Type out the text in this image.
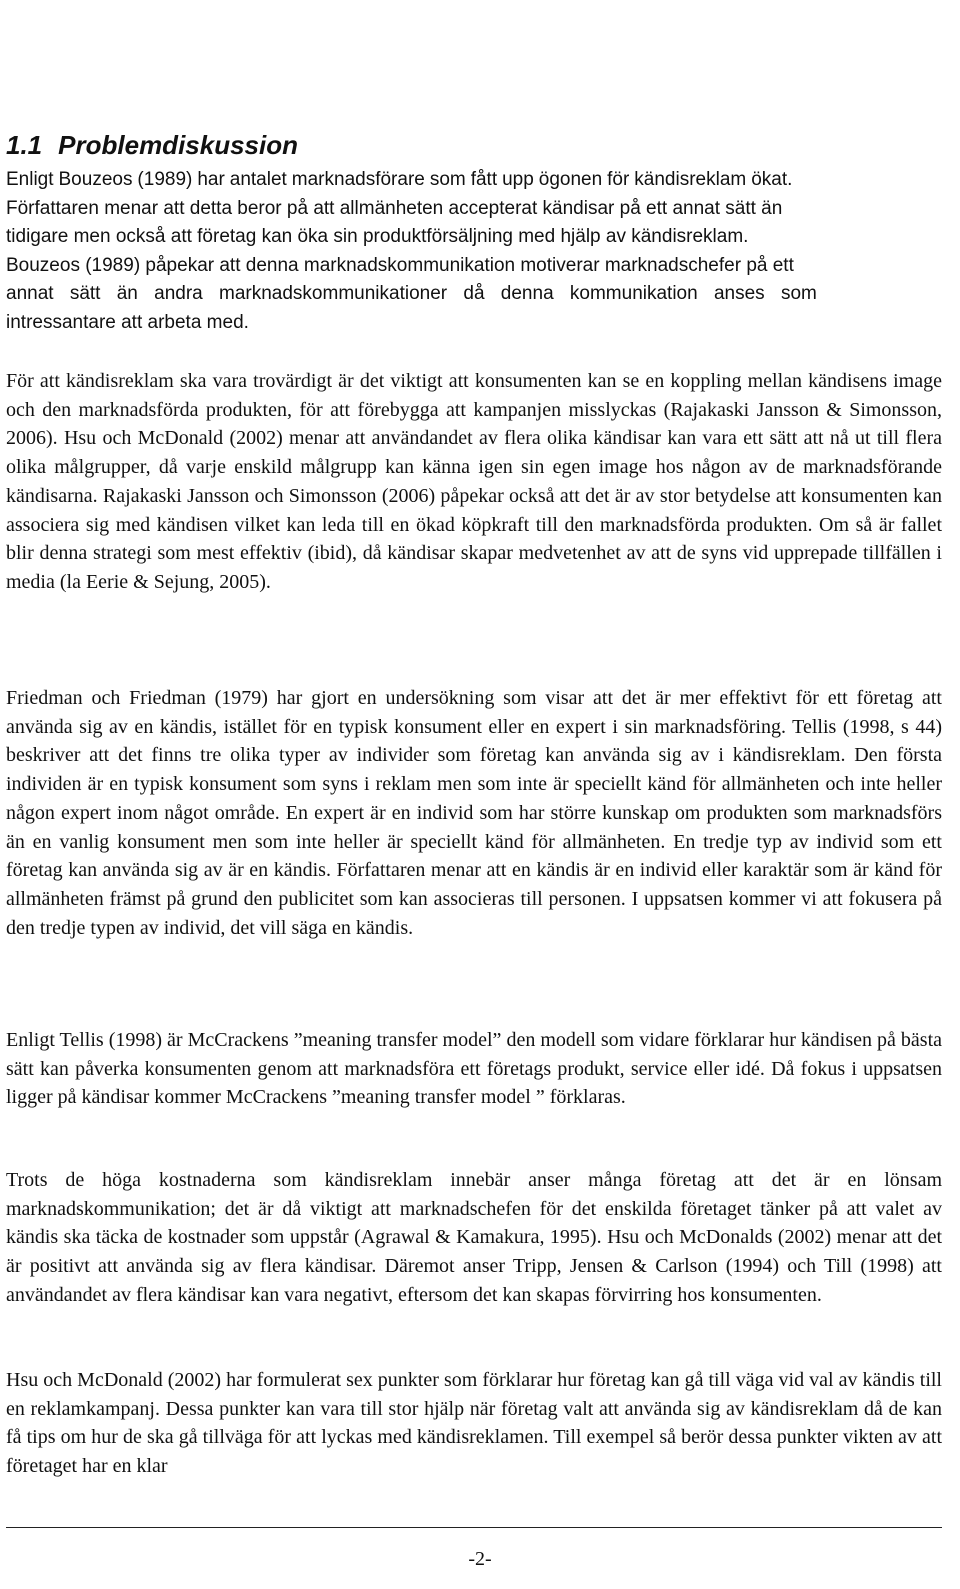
1.1 Problemdiskussion
Enligt Bouzeos (1989) har antalet marknadsförare som fått upp ögonen för kändisreklam ökat.
Författaren menar att detta beror på att allmänheten accepterat kändisar på ett annat sätt än
tidigare men också att företag kan öka sin produktförsäljning med hjälp av kändisreklam.
Bouzeos (1989) påpekar att denna marknadskommunikation motiverar marknadschefer på ett
annat sätt än andra marknadskommunikationer då denna kommunikation anses som
intressantare att arbeta med.

För att kändisreklam ska vara trovärdigt är det viktigt att konsumenten kan se en koppling mellan kändisens image och den marknadsförda produkten, för att förebygga att kampanjen misslyckas (Rajakaski Jansson & Simonsson, 2006). Hsu och McDonald (2002) menar att användandet av flera olika kändisar kan vara ett sätt att nå ut till flera olika målgrupper, då varje enskild målgrupp kan känna igen sin egen image hos någon av de marknadsförande kändisarna. Rajakaski Jansson och Simonsson (2006) påpekar också att det är av stor betydelse att konsumenten kan associera sig med kändisen vilket kan leda till en ökad köpkraft till den marknadsförda produkten. Om så är fallet blir denna strategi som mest effektiv (ibid), då kändisar skapar medvetenhet av att de syns vid upprepade tillfällen i media (la Eerie & Sejung, 2005).

Friedman och Friedman (1979) har gjort en undersökning som visar att det är mer effektivt för ett företag att använda sig av en kändis, istället för en typisk konsument eller en expert i sin marknadsföring. Tellis (1998, s 44) beskriver att det finns tre olika typer av individer som företag kan använda sig av i kändisreklam. Den första individen är en typisk konsument som syns i reklam men som inte är speciellt känd för allmänheten och inte heller någon expert inom något område. En expert är en individ som har större kunskap om produkten som marknadsförs än en vanlig konsument men som inte heller är speciellt känd för allmänheten. En tredje typ av individ som ett företag kan använda sig av är en kändis. Författaren menar att en kändis är en individ eller karaktär som är känd för allmänheten främst på grund den publicitet som kan associeras till personen. I uppsatsen kommer vi att fokusera på den tredje typen av individ, det vill säga en kändis.

Enligt Tellis (1998) är McCrackens ”meaning transfer model” den modell som vidare förklarar hur kändisen på bästa sätt kan påverka konsumenten genom att marknadsföra ett företags produkt, service eller idé. Då fokus i uppsatsen ligger på kändisar kommer McCrackens ”meaning transfer model ” förklaras.

Trots de höga kostnaderna som kändisreklam innebär anser många företag att det är en lönsam marknadskommunikation; det är då viktigt att marknadschefen för det enskilda företaget tänker på att valet av kändis ska täcka de kostnader som uppstår (Agrawal & Kamakura, 1995). Hsu och McDonalds (2002) menar att det är positivt att använda sig av flera kändisar. Däremot anser Tripp, Jensen & Carlson (1994) och Till (1998) att användandet av flera kändisar kan vara negativt, eftersom det kan skapas förvirring hos konsumenten.

Hsu och McDonald (2002) har formulerat sex punkter som förklarar hur företag kan gå till väga vid val av kändis till en reklamkampanj. Dessa punkter kan vara till stor hjälp när företag valt att använda sig av kändisreklam då de kan få tips om hur de ska gå tillväga för att lyckas med kändisreklamen. Till exempel så berör dessa punkter vikten av att företaget har en klar

-2-
